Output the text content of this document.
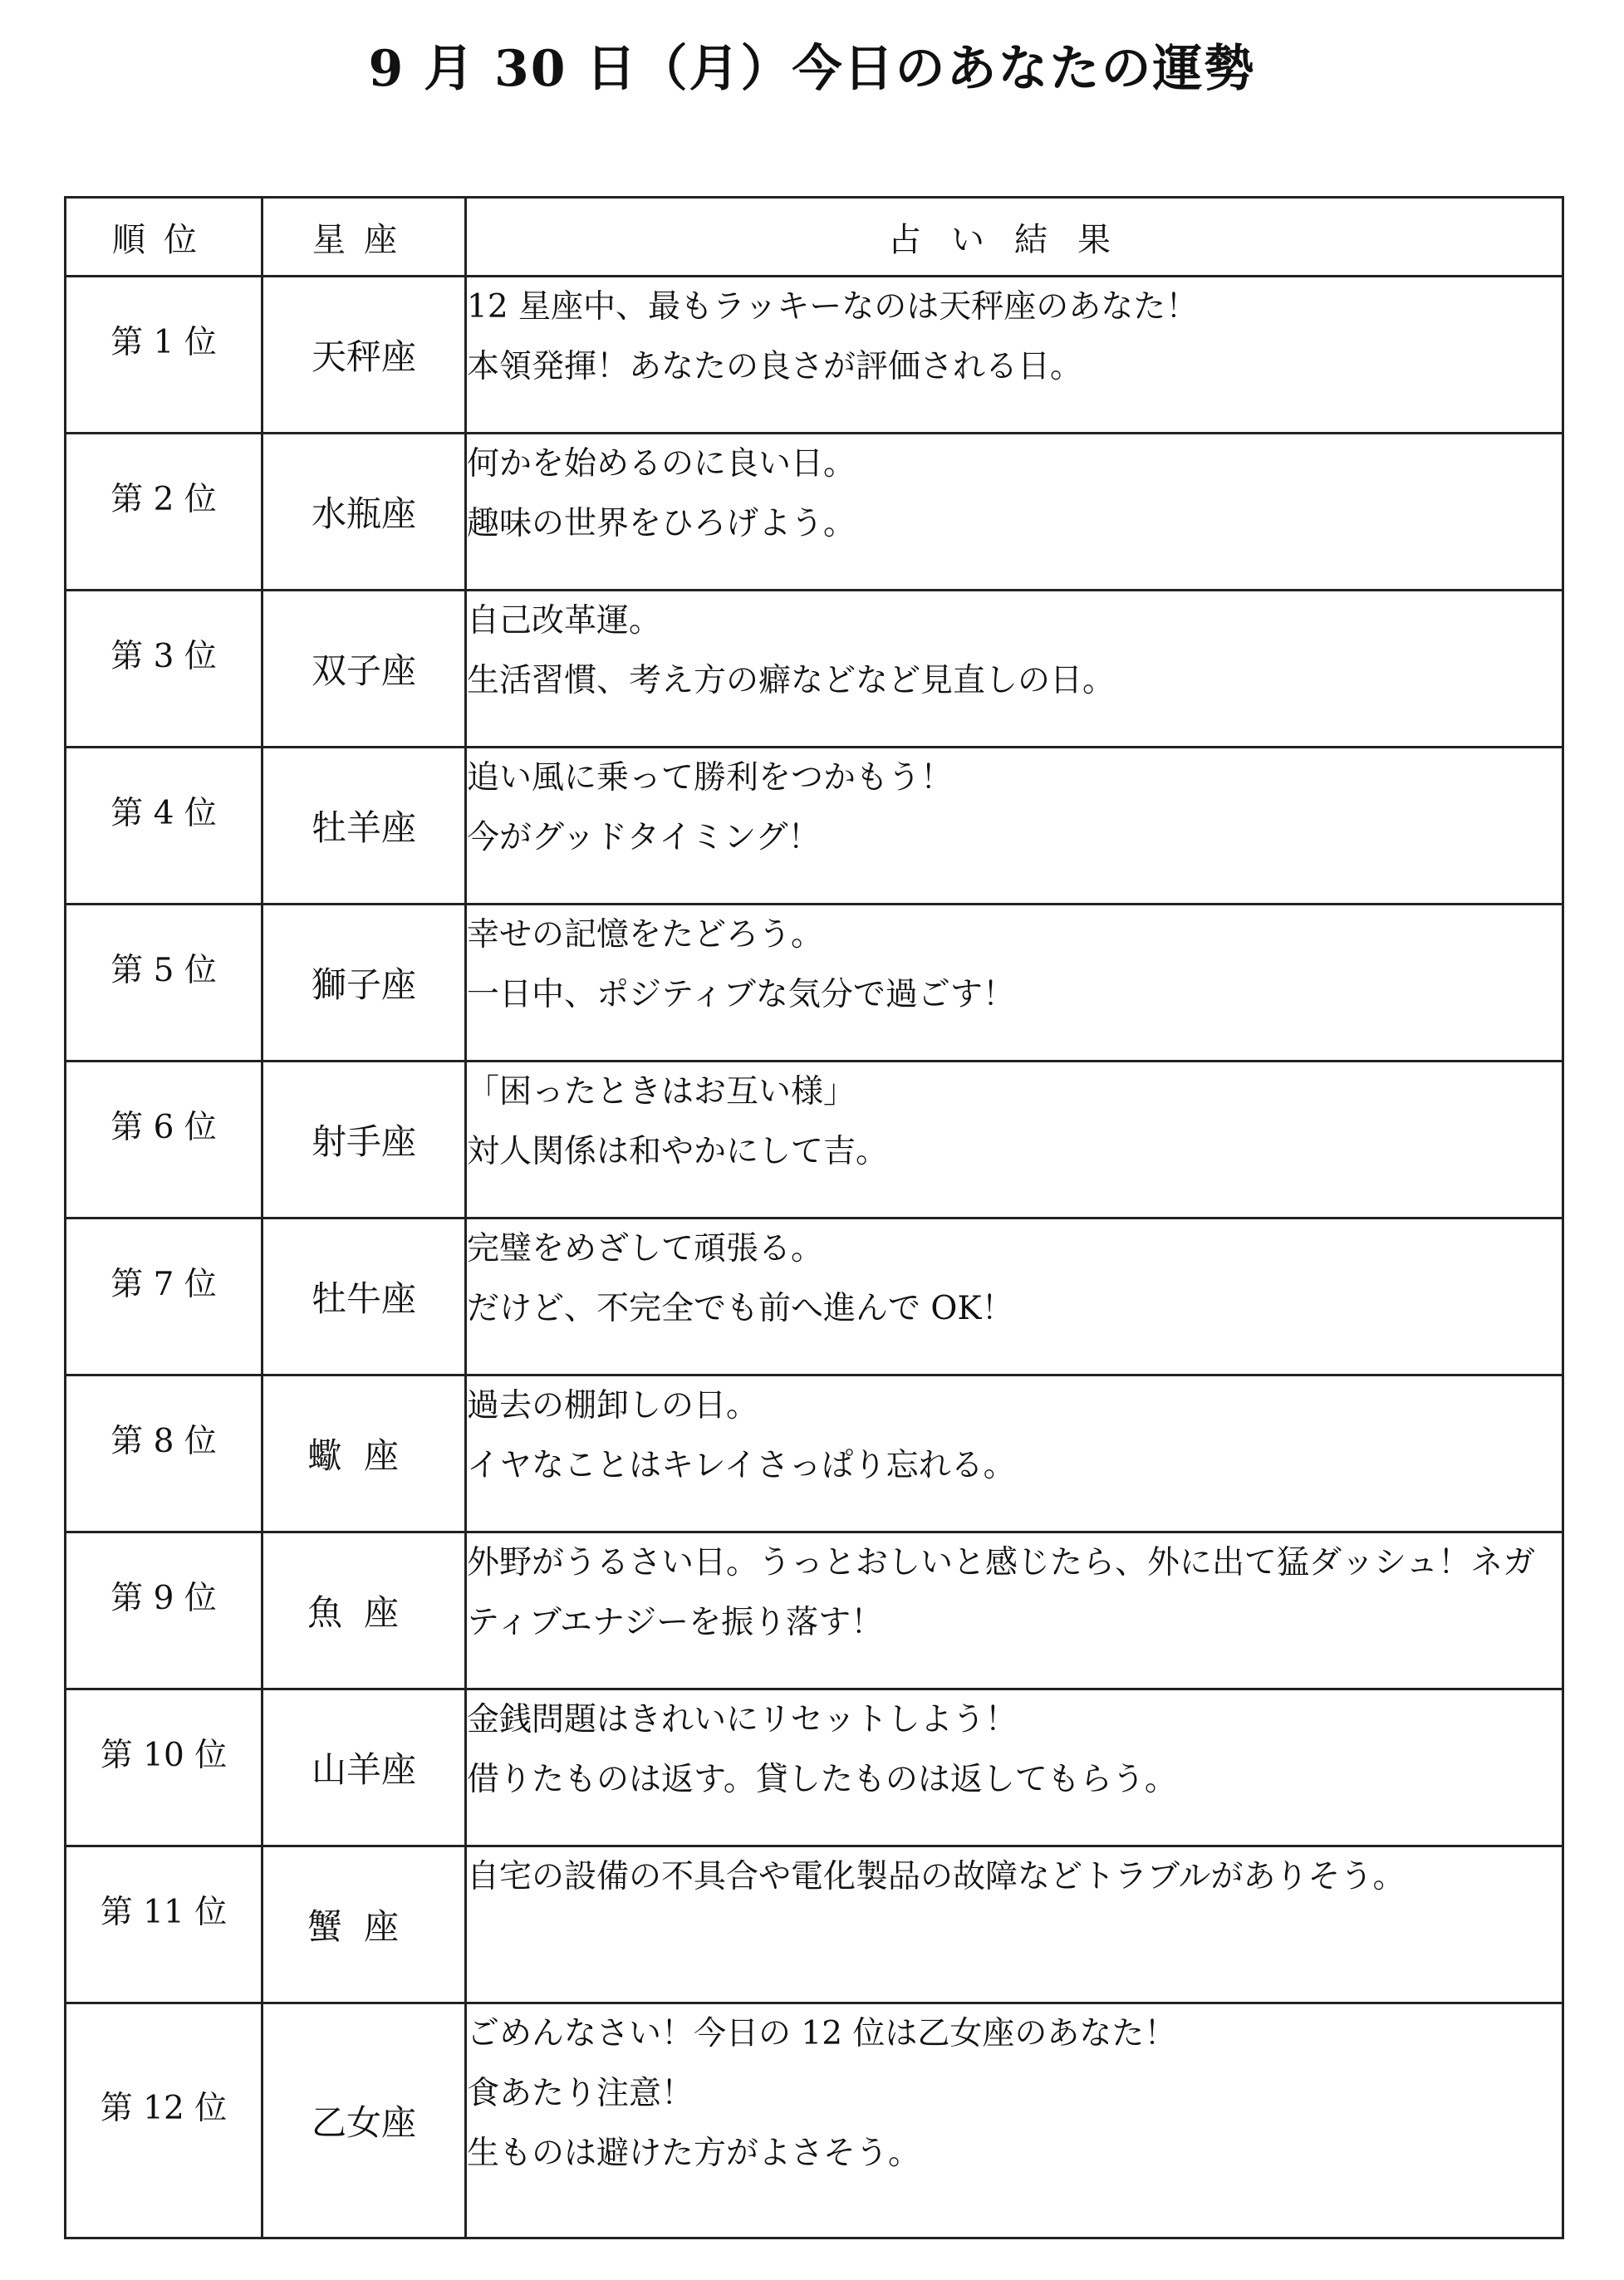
9 月 30 日（月）今日のあなたの運勢
順位	星座	占い結果
第 1 位	天秤座	12 星座中、最もラッキーなのは天秤座のあなた！
本領発揮！あなたの良さが評価される日。

第 2 位	水瓶座	何かを始めるのに良い日。
趣味の世界をひろげよう。

第 3 位	双子座	自己改革運。
生活習慣、考え方の癖などなど見直しの日。

第 4 位	牡羊座	追い風に乗って勝利をつかもう！
今がグッドタイミング！

第 5 位	獅子座	幸せの記憶をたどろう。
一日中、ポジティブな気分で過ごす！

第 6 位	射手座	「困ったときはお互い様」
対人関係は和やかにして吉。

第 7 位	牡牛座	完璧をめざして頑張る。
だけど、不完全でも前へ進んで OK！

第 8 位	蠍座	過去の棚卸しの日。
イヤなことはキレイさっぱり忘れる。

第 9 位	魚座	外野がうるさい日。うっとおしいと感じたら、外に出て猛ダッシュ！ネガティブエナジーを振り落す！

第 10 位	山羊座	金銭問題はきれいにリセットしよう！
借りたものは返す。貸したものは返してもらう。

第 11 位	蟹座	自宅の設備の不具合や電化製品の故障などトラブルがありそう。

第 12 位	乙女座	ごめんなさい！今日の 12 位は乙女座のあなた！
食あたり注意！
生ものは避けた方がよさそう。
